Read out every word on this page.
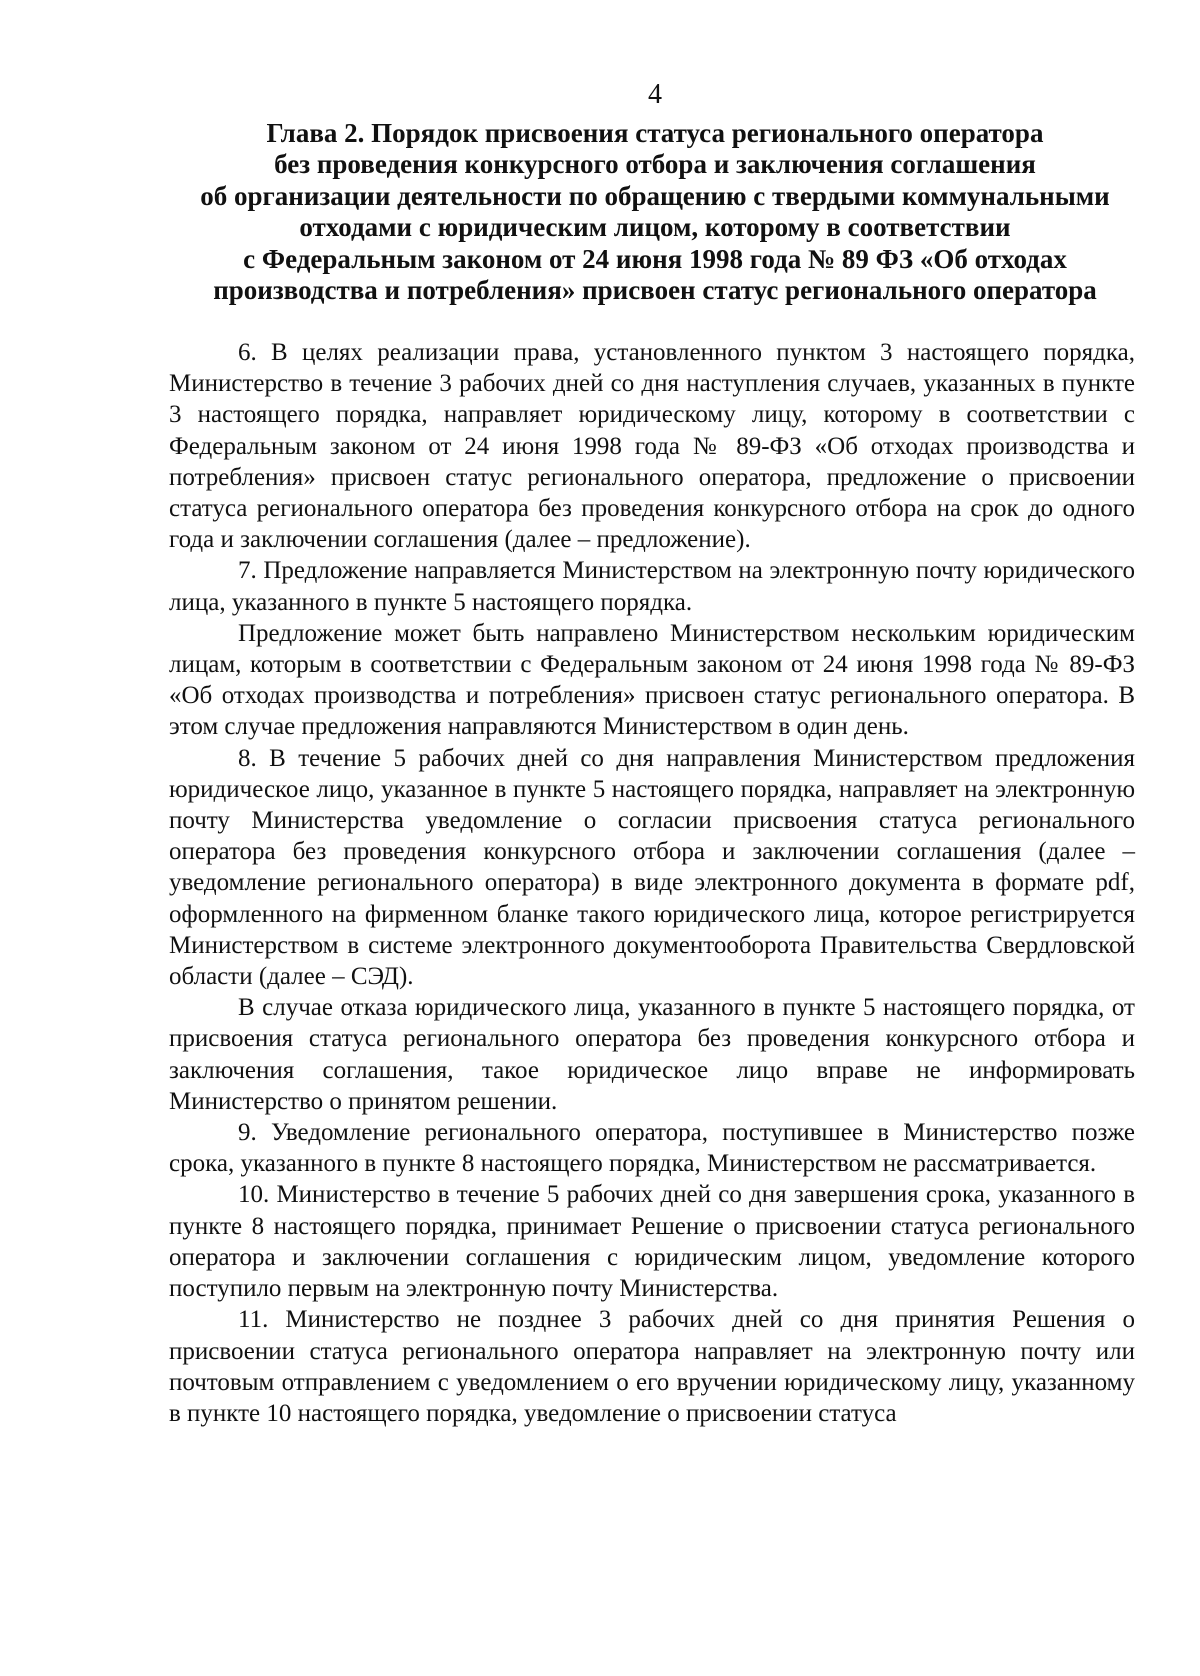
4
Глава 2. Порядок присвоения статуса регионального оператора
без проведения конкурсного отбора и заключения соглашения
об организации деятельности по обращению с твердыми коммунальными
отходами с юридическим лицом, которому в соответствии
с Федеральным законом от 24 июня 1998 года № 89 ФЗ «Об отходах
производства и потребления» присвоен статус регионального оператора

6. В целях реализации права, установленного пунктом 3 настоящего порядка, Министерство в течение 3 рабочих дней со дня наступления случаев, указанных в пункте 3 настоящего порядка, направляет юридическому лицу, которому в соответствии с Федеральным законом от 24 июня 1998 года № 89-ФЗ «Об отходах производства и потребления» присвоен статус регионального оператора, предложение о присвоении статуса регионального оператора без проведения конкурсного отбора на срок до одного года и заключении соглашения (далее – предложение).

7. Предложение направляется Министерством на электронную почту юридического лица, указанного в пункте 5 настоящего порядка.

Предложение может быть направлено Министерством нескольким юридическим лицам, которым в соответствии с Федеральным законом от 24 июня 1998 года № 89-ФЗ «Об отходах производства и потребления» присвоен статус регионального оператора. В этом случае предложения направляются Министерством в один день.

8. В течение 5 рабочих дней со дня направления Министерством предложения юридическое лицо, указанное в пункте 5 настоящего порядка, направляет на электронную почту Министерства уведомление о согласии присвоения статуса регионального оператора без проведения конкурсного отбора и заключении соглашения (далее – уведомление регионального оператора) в виде электронного документа в формате pdf, оформленного на фирменном бланке такого юридического лица, которое регистрируется Министерством в системе электронного документооборота Правительства Свердловской области (далее – СЭД).

В случае отказа юридического лица, указанного в пункте 5 настоящего порядка, от присвоения статуса регионального оператора без проведения конкурсного отбора и заключения соглашения, такое юридическое лицо вправе не информировать Министерство о принятом решении.

9. Уведомление регионального оператора, поступившее в Министерство позже срока, указанного в пункте 8 настоящего порядка, Министерством не рассматривается.

10. Министерство в течение 5 рабочих дней со дня завершения срока, указанного в пункте 8 настоящего порядка, принимает Решение о присвоении статуса регионального оператора и заключении соглашения с юридическим лицом, уведомление которого поступило первым на электронную почту Министерства.

11. Министерство не позднее 3 рабочих дней со дня принятия Решения о присвоении статуса регионального оператора направляет на электронную почту или почтовым отправлением с уведомлением о его вручении юридическому лицу, указанному в пункте 10 настоящего порядка, уведомление о присвоении статуса
